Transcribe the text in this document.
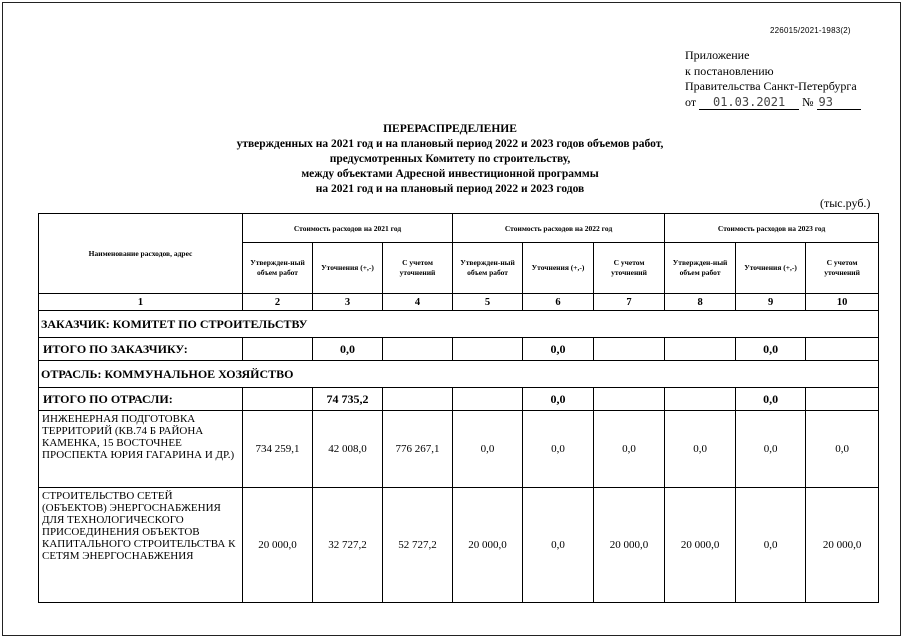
226015/2021-1983(2)
Приложение
к постановлению
Правительства Санкт-Петербурга
от 01.03.2021 № 93
ПЕРЕРАСПРЕДЕЛЕНИЕ
утвержденных на 2021 год и на плановый период 2022 и 2023 годов объемов работ,
предусмотренных Комитету по строительству,
между объектами Адресной инвестиционной программы
на 2021 год и на плановый период 2022 и 2023 годов
(тыс.руб.)
Наименование расходов, адрес	Стоимость расходов на 2021 год			Стоимость расходов на 2022 год			Стоимость расходов на 2023 год		
	Утвержден-ный объем работ	Уточнения (+,-)	С учетом уточнений	Утвержден-ный объем работ	Уточнения (+,-)	С учетом уточнений	Утвержден-ный объем работ	Уточнения (+,-)	С учетом уточнений
1	2	3	4	5	6	7	8	9	10
ЗАКАЗЧИК: КОМИТЕТ ПО СТРОИТЕЛЬСТВУ									
ИТОГО ПО ЗАКАЗЧИКУ:		0,0			0,0			0,0	
ОТРАСЛЬ: КОММУНАЛЬНОЕ ХОЗЯЙСТВО									
ИТОГО ПО ОТРАСЛИ:		74 735,2			0,0			0,0	
ИНЖЕНЕРНАЯ ПОДГОТОВКА ТЕРРИТОРИЙ (КВ.74 Б РАЙОНА КАМЕНКА, 15 ВОСТОЧНЕЕ ПРОСПЕКТА ЮРИЯ ГАГАРИНА И ДР.)	734 259,1	42 008,0	776 267,1	0,0	0,0	0,0	0,0	0,0	0,0
СТРОИТЕЛЬСТВО СЕТЕЙ (ОБЪЕКТОВ) ЭНЕРГОСНАБЖЕНИЯ
ДЛЯ ТЕХНОЛОГИЧЕСКОГО ПРИСОЕДИНЕНИЯ ОБЪЕКТОВ КАПИТАЛЬНОГО СТРОИТЕЛЬСТВА К СЕТЯМ ЭНЕРГОСНАБЖЕНИЯ	20 000,0	32 727,2	52 727,2	20 000,0	0,0	20 000,0	20 000,0	0,0	20 000,0
